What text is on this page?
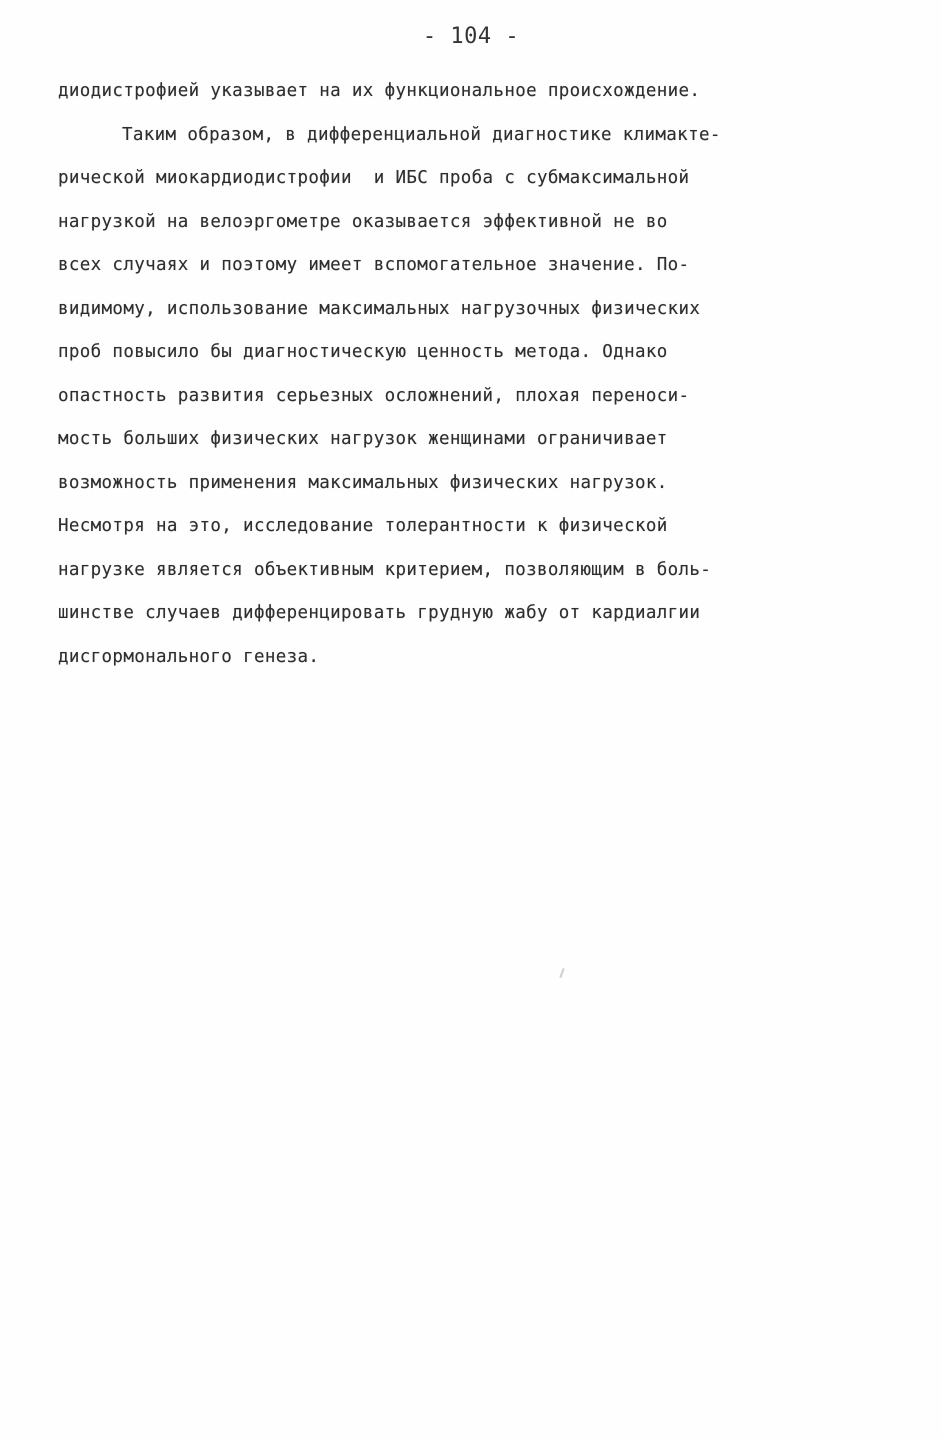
- 104 -
диодистрофией указывает на их функциональное происхождение.
Таким образом, в дифференциальной диагностике климакте-
рической миокардиодистрофии  и ИБС проба с субмаксимальной
нагрузкой на велоэргометре оказывается эффективной не во
всех случаях и поэтому имеет вспомогательное значение. По-
видимому, использование максимальных нагрузочных физических
проб повысило бы диагностическую ценность метода. Однако
опастность развития серьезных осложнений, плохая переноси-
мость больших физических нагрузок женщинами ограничивает
возможность применения максимальных физических нагрузок.
Несмотря на это, исследование толерантности к физической
нагрузке является объективным критерием, позволяющим в боль-
шинстве случаев дифференцировать грудную жабу от кардиалгии
дисгормонального генеза.
